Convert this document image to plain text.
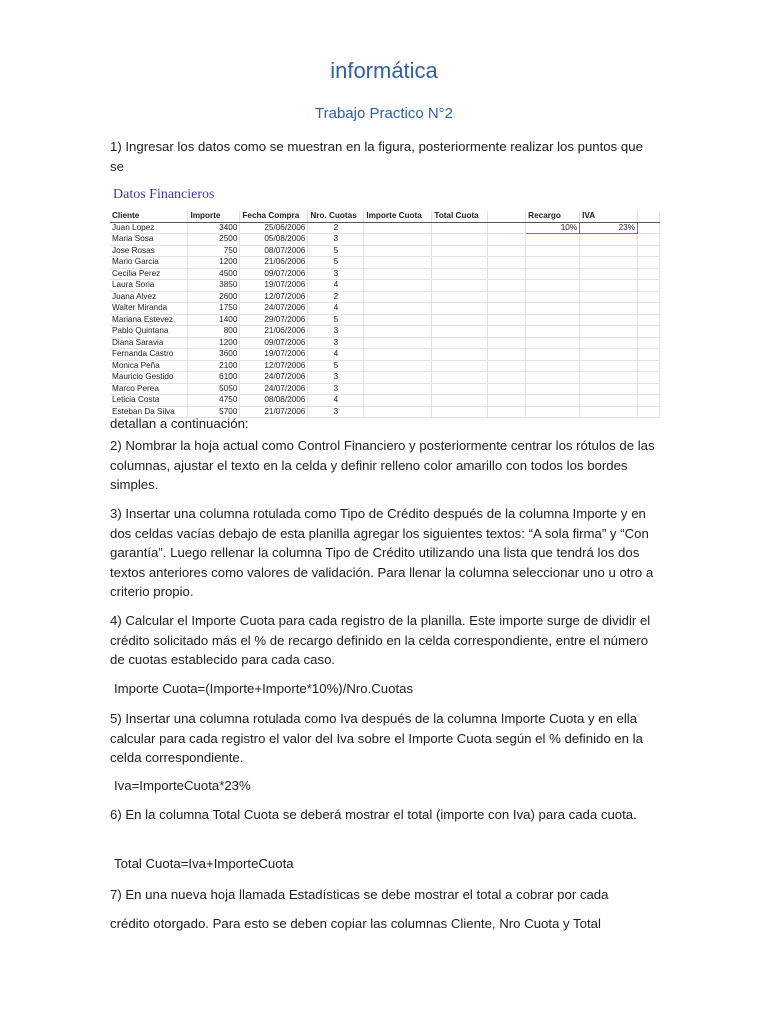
informática
Trabajo Practico N°2

1) Ingresar los datos como se muestran en la figura, posteriormente realizar los puntos que se

Datos Financieros
Cliente	Importe	Fecha Compra	Nro. Cuotas	Importe Cuota	Total Cuota		Recargo	IVA	
Juan Lopez	3400	25/06/2006	2				10%	23%	
Maria Sosa	2500	05/08/2006	3						
Jose Rosas	750	08/07/2006	5						
Mario Garcia	1200	21/06/2006	5						
Cecilia Perez	4500	09/07/2006	3						
Laura Soria	3850	19/07/2006	4						
Juana Alvez	2600	12/07/2006	2						
Walter Miranda	1750	24/07/2006	4						
Mariana Estevez	1400	29/07/2006	5						
Pablo Quintana	800	21/06/2006	3						
Diana Saravia	1200	09/07/2006	3						
Fernanda Castro	3600	19/07/2006	4						
Monica Peña	2100	12/07/2006	5						
Mauricio Gestido	6100	24/07/2006	3						
Marco Perea	5050	24/07/2006	3						
Leticia Costa	4750	08/08/2006	4						
Esteban Da Silva	5700	21/07/2006	3						

detallan a continuación:

2) Nombrar la hoja actual como Control Financiero y posteriormente centrar los rótulos de las columnas, ajustar el texto en la celda y definir relleno color amarillo con todos los bordes simples.

3) Insertar una columna rotulada como Tipo de Crédito después de la columna Importe y en dos celdas vacías debajo de esta planilla agregar los siguientes textos: “A sola firma” y “Con garantía”. Luego rellenar la columna Tipo de Crédito utilizando una lista que tendrá los dos textos anteriores como valores de validación. Para llenar la columna seleccionar uno u otro a criterio propio.

4) Calcular el Importe Cuota para cada registro de la planilla. Este importe surge de dividir el crédito solicitado más el % de recargo definido en la celda correspondiente, entre el número de cuotas establecido para cada caso.

Importe Cuota=(Importe+Importe*10%)/Nro.Cuotas

5) Insertar una columna rotulada como Iva después de la columna Importe Cuota y en ella calcular para cada registro el valor del Iva sobre el Importe Cuota según el % definido en la celda correspondiente.

Iva=ImporteCuota*23%

6) En la columna Total Cuota se deberá mostrar el total (importe con Iva) para cada cuota.

Total Cuota=Iva+ImporteCuota

7) En una nueva hoja llamada Estadísticas se debe mostrar el total a cobrar por cada

crédito otorgado. Para esto se deben copiar las columnas Cliente, Nro Cuota y Total
